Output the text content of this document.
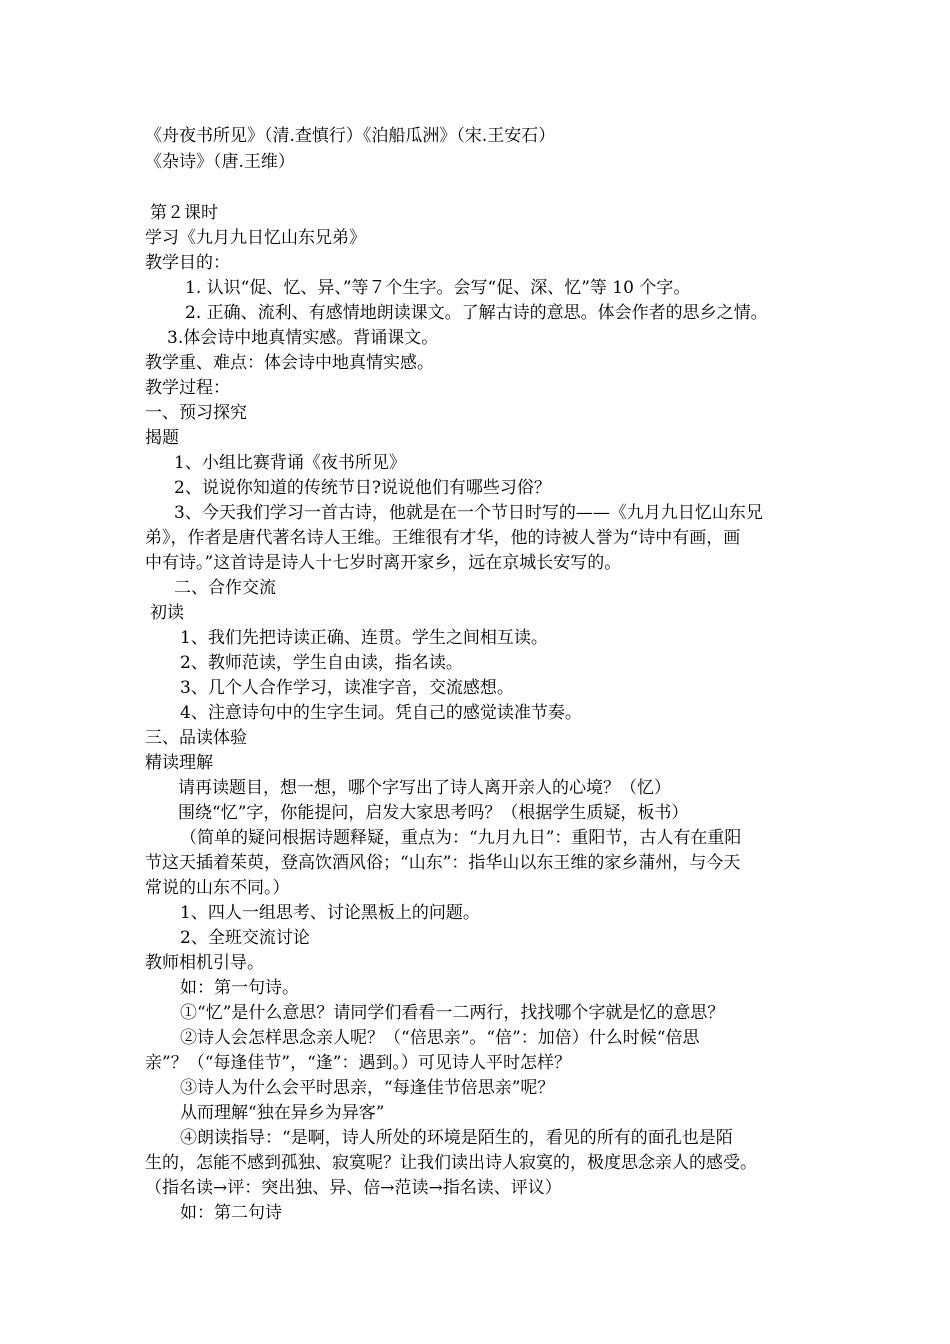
《舟夜书所见》（清.查慎行）《泊船瓜洲》（宋.王安石）
《杂诗》（唐.王维）
第２课时
学习《九月九日忆山东兄弟》
教学目的：
1. 认识“促、忆、异、”等７个生字。会写“促、深、忆”等 10 个字。
2. 正确、流利、有感情地朗读课文。了解古诗的意思。体会作者的思乡之情。
3.体会诗中地真情实感。背诵课文。
教学重、难点：体会诗中地真情实感。
教学过程：
一、预习探究
揭题
1、小组比赛背诵《夜书所见》
2、说说你知道的传统节日?说说他们有哪些习俗？
3、今天我们学习一首古诗，他就是在一个节日时写的——《九月九日忆山东兄
弟》，作者是唐代著名诗人王维。王维很有才华，他的诗被人誉为“诗中有画，画
中有诗。”这首诗是诗人十七岁时离开家乡，远在京城长安写的。
二、合作交流
初读
1、我们先把诗读正确、连贯。学生之间相互读。
2、教师范读，学生自由读，指名读。
3、几个人合作学习，读准字音，交流感想。
4、注意诗句中的生字生词。凭自己的感觉读准节奏。
三、品读体验
精读理解
请再读题目，想一想，哪个字写出了诗人离开亲人的心境？（忆）
围绕“忆”字，你能提问，启发大家思考吗？（根据学生质疑，板书）
（简单的疑问根据诗题释疑，重点为：“九月九日”：重阳节，古人有在重阳
节这天插着茱萸，登高饮酒风俗；“山东”：指华山以东王维的家乡蒲州，与今天
常说的山东不同。）
1、四人一组思考、讨论黑板上的问题。
2、全班交流讨论
教师相机引导。
如：第一句诗。
①“忆”是什么意思？请同学们看看一二两行，找找哪个字就是忆的意思？
②诗人会怎样思念亲人呢？（“倍思亲”。“倍”：加倍）什么时候“倍思
亲”？（“每逢佳节”，“逢”：遇到。）可见诗人平时怎样？
③诗人为什么会平时思亲，“每逢佳节倍思亲”呢？
从而理解“独在异乡为异客”
④朗读指导：“是啊，诗人所处的环境是陌生的，看见的所有的面孔也是陌
生的，怎能不感到孤独、寂寞呢？让我们读出诗人寂寞的，极度思念亲人的感受。
（指名读→评：突出独、异、倍→范读→指名读、评议）
如：第二句诗
